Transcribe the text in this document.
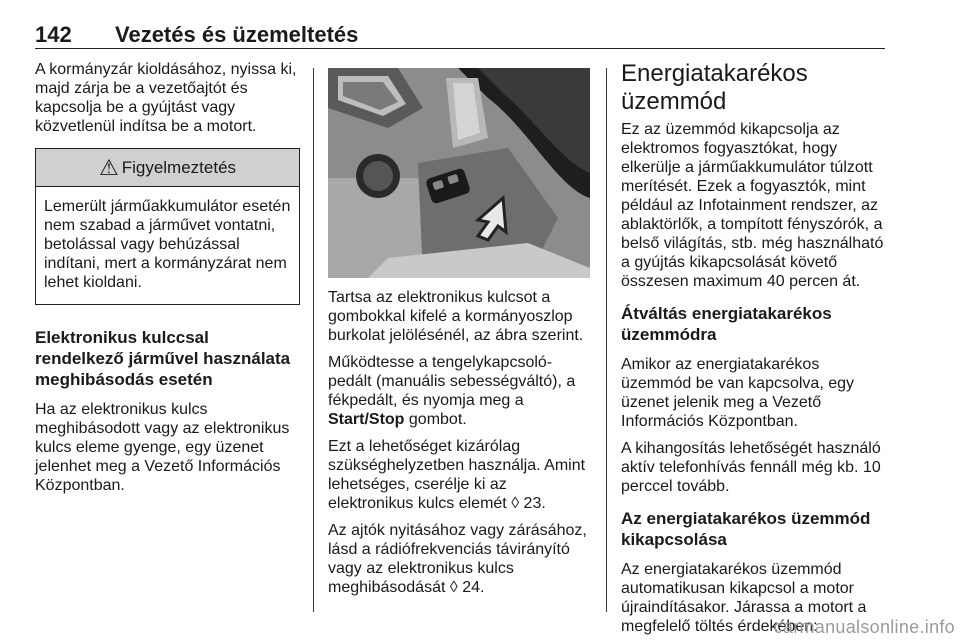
142 Vezetés és üzemeltetés

A kormányzár kioldásához, nyissa ki, majd zárja be a vezetőajtót és kapcsolja be a gyújtást vagy közvetlenül indítsa be a motort.

⚠ Figyelmeztetés
Lemerült járműakkumulátor esetén nem szabad a járművet vontatni, betolással vagy behúzással indítani, mert a kormányzárat nem lehet kioldani.
Elektronikus kulccsal rendelkező járművel használata meghibásodás esetén

Ha az elektronikus kulcs meghibásodott vagy az elektronikus kulcs eleme gyenge, egy üzenet jelenhet meg a Vezető Információs Központban.

Tartsa az elektronikus kulcsot a gombokkal kifelé a kormányoszlop burkolat jelölésénél, az ábra szerint.

Működtesse a tengelykapcsoló-pedált (manuális sebességváltó), a fékpedált, és nyomja meg a Start/Stop gombot.

Ezt a lehetőséget kizárólag szükséghelyzetben használja. Amint lehetséges, cserélje ki az elektronikus kulcs elemét ◊ 23.

Az ajtók nyitásához vagy zárásához, lásd a rádiófrekvenciás távirányító vagy az elektronikus kulcs meghibásodását ◊ 24.

Energiatakarékos üzemmód

Ez az üzemmód kikapcsolja az elektromos fogyasztókat, hogy elkerülje a járműakkumulátor túlzott merítését. Ezek a fogyasztók, mint például az Infotainment rendszer, az ablaktörlők, a tompított fényszórók, a belső világítás, stb. még használható a gyújtás kikapcsolását követő összesen maximum 40 percen át.

Átváltás energiatakarékos üzemmódra

Amikor az energiatakarékos üzemmód be van kapcsolva, egy üzenet jelenik meg a Vezető Információs Központban.

A kihangosítás lehetőségét használó aktív telefonhívás fennáll még kb. 10 perccel tovább.

Az energiatakarékos üzemmód kikapcsolása

Az energiatakarékos üzemmód automatikusan kikapcsol a motor újraindításakor. Járassa a motort a megfelelő töltés érdekében:

carmanualsonline.info
